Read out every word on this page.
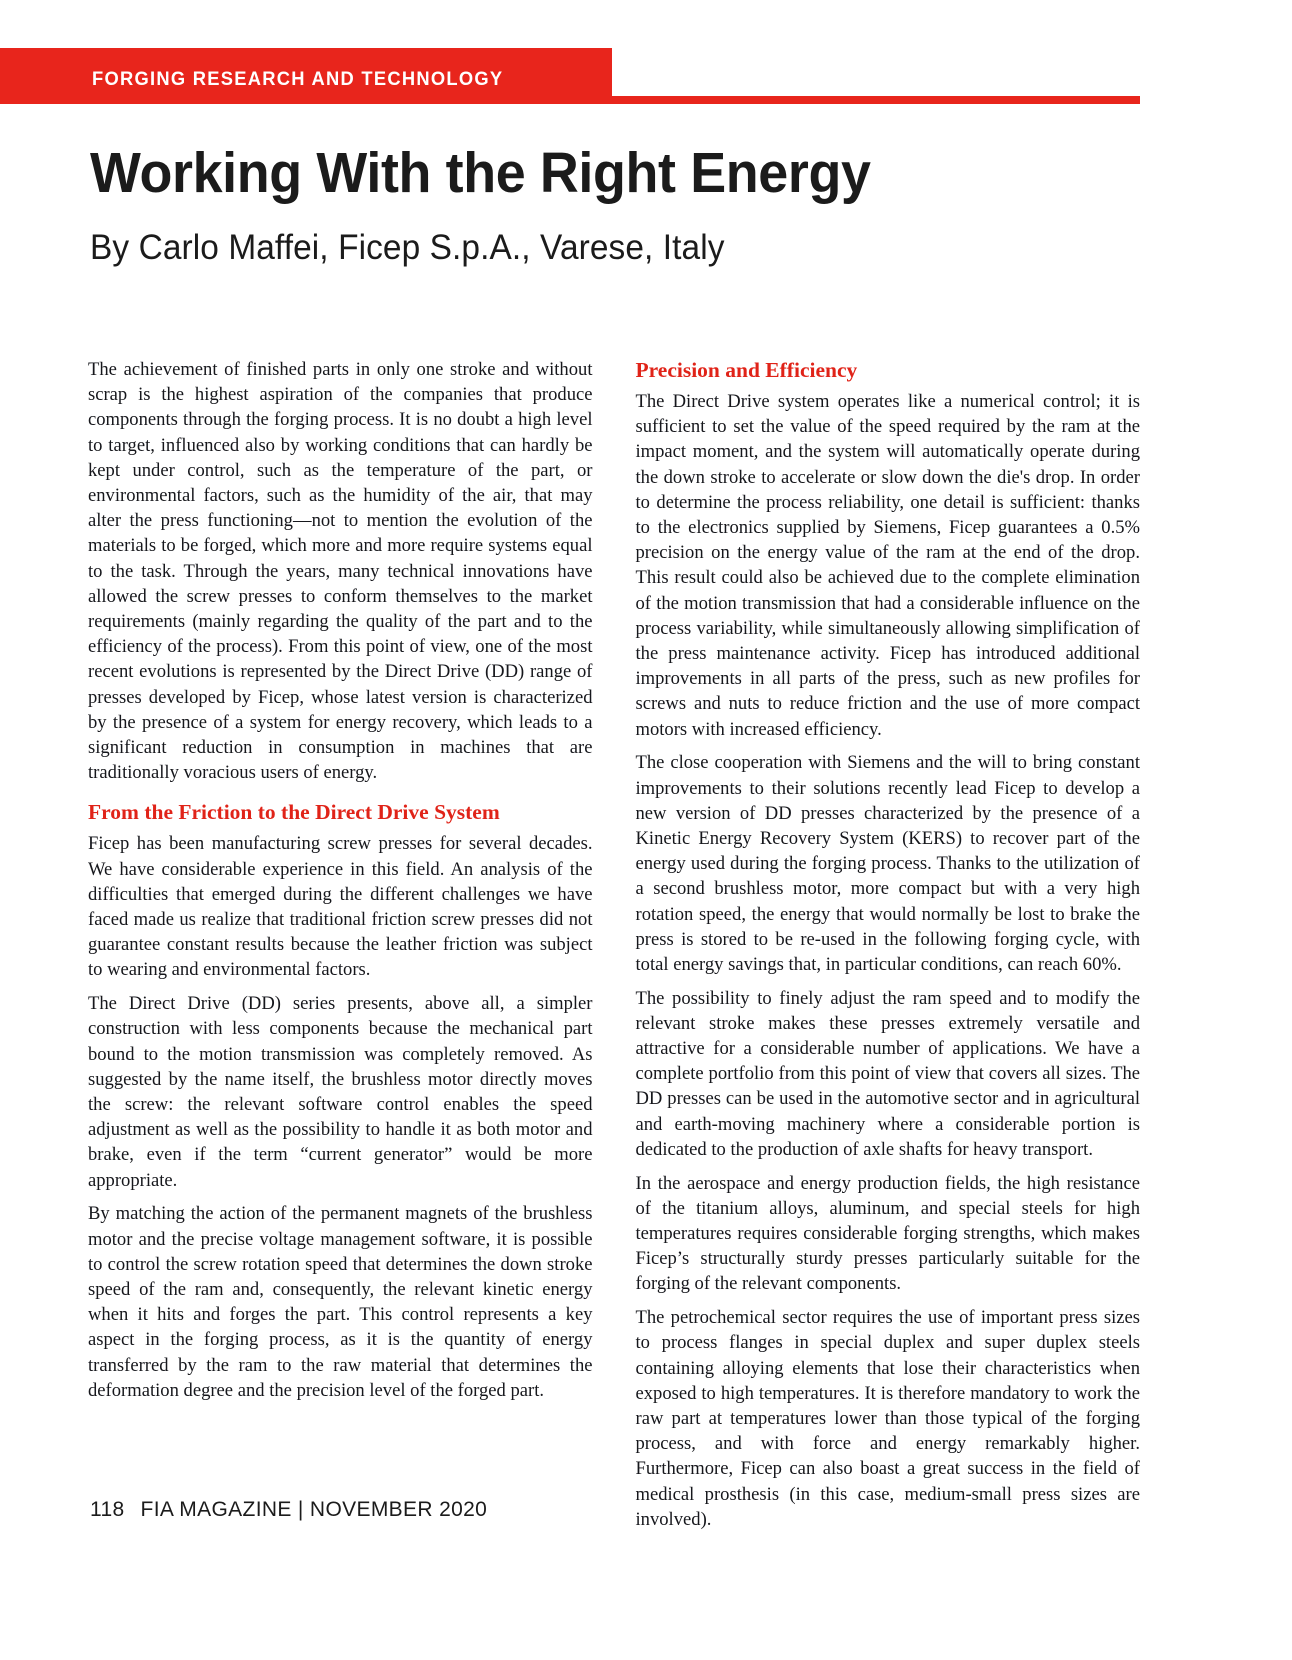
FORGING RESEARCH AND TECHNOLOGY
Working With the Right Energy
By Carlo Maffei, Ficep S.p.A., Varese, Italy

The achievement of finished parts in only one stroke and without scrap is the highest aspiration of the companies that produce components through the forging process. It is no doubt a high level to target, influenced also by working conditions that can hardly be kept under control, such as the temperature of the part, or environmental factors, such as the humidity of the air, that may alter the press functioning—not to mention the evolution of the materials to be forged, which more and more require systems equal to the task. Through the years, many technical innovations have allowed the screw presses to conform themselves to the market requirements (mainly regarding the quality of the part and to the efficiency of the process). From this point of view, one of the most recent evolutions is represented by the Direct Drive (DD) range of presses developed by Ficep, whose latest version is characterized by the presence of a system for energy recovery, which leads to a significant reduction in consumption in machines that are traditionally voracious users of energy.

From the Friction to the Direct Drive System

Ficep has been manufacturing screw presses for several decades. We have considerable experience in this field. An analysis of the difficulties that emerged during the different challenges we have faced made us realize that traditional friction screw presses did not guarantee constant results because the leather friction was subject to wearing and environmental factors.

The Direct Drive (DD) series presents, above all, a simpler construction with less components because the mechanical part bound to the motion transmission was completely removed. As suggested by the name itself, the brushless motor directly moves the screw: the relevant software control enables the speed adjustment as well as the possibility to handle it as both motor and brake, even if the term “current generator” would be more appropriate.

By matching the action of the permanent magnets of the brushless motor and the precise voltage management software, it is possible to control the screw rotation speed that determines the down stroke speed of the ram and, consequently, the relevant kinetic energy when it hits and forges the part. This control represents a key aspect in the forging process, as it is the quantity of energy transferred by the ram to the raw material that determines the deformation degree and the precision level of the forged part.

Precision and Efficiency

The Direct Drive system operates like a numerical control; it is sufficient to set the value of the speed required by the ram at the impact moment, and the system will automatically operate during the down stroke to accelerate or slow down the die's drop. In order to determine the process reliability, one detail is sufficient: thanks to the electronics supplied by Siemens, Ficep guarantees a 0.5% precision on the energy value of the ram at the end of the drop. This result could also be achieved due to the complete elimination of the motion transmission that had a considerable influence on the process variability, while simultaneously allowing simplification of the press maintenance activity. Ficep has introduced additional improvements in all parts of the press, such as new profiles for screws and nuts to reduce friction and the use of more compact motors with increased efficiency.

The close cooperation with Siemens and the will to bring constant improvements to their solutions recently lead Ficep to develop a new version of DD presses characterized by the presence of a Kinetic Energy Recovery System (KERS) to recover part of the energy used during the forging process. Thanks to the utilization of a second brushless motor, more compact but with a very high rotation speed, the energy that would normally be lost to brake the press is stored to be re-used in the following forging cycle, with total energy savings that, in particular conditions, can reach 60%.

The possibility to finely adjust the ram speed and to modify the relevant stroke makes these presses extremely versatile and attractive for a considerable number of applications. We have a complete portfolio from this point of view that covers all sizes. The DD presses can be used in the automotive sector and in agricultural and earth-moving machinery where a considerable portion is dedicated to the production of axle shafts for heavy transport.

In the aerospace and energy production fields, the high resistance of the titanium alloys, aluminum, and special steels for high temperatures requires considerable forging strengths, which makes Ficep’s structurally sturdy presses particularly suitable for the forging of the relevant components.

The petrochemical sector requires the use of important press sizes to process flanges in special duplex and super duplex steels containing alloying elements that lose their characteristics when exposed to high temperatures. It is therefore mandatory to work the raw part at temperatures lower than those typical of the forging process, and with force and energy remarkably higher. Furthermore, Ficep can also boast a great success in the field of medical prosthesis (in this case, medium-small press sizes are involved).

118 FIA MAGAZINE | NOVEMBER 2020
